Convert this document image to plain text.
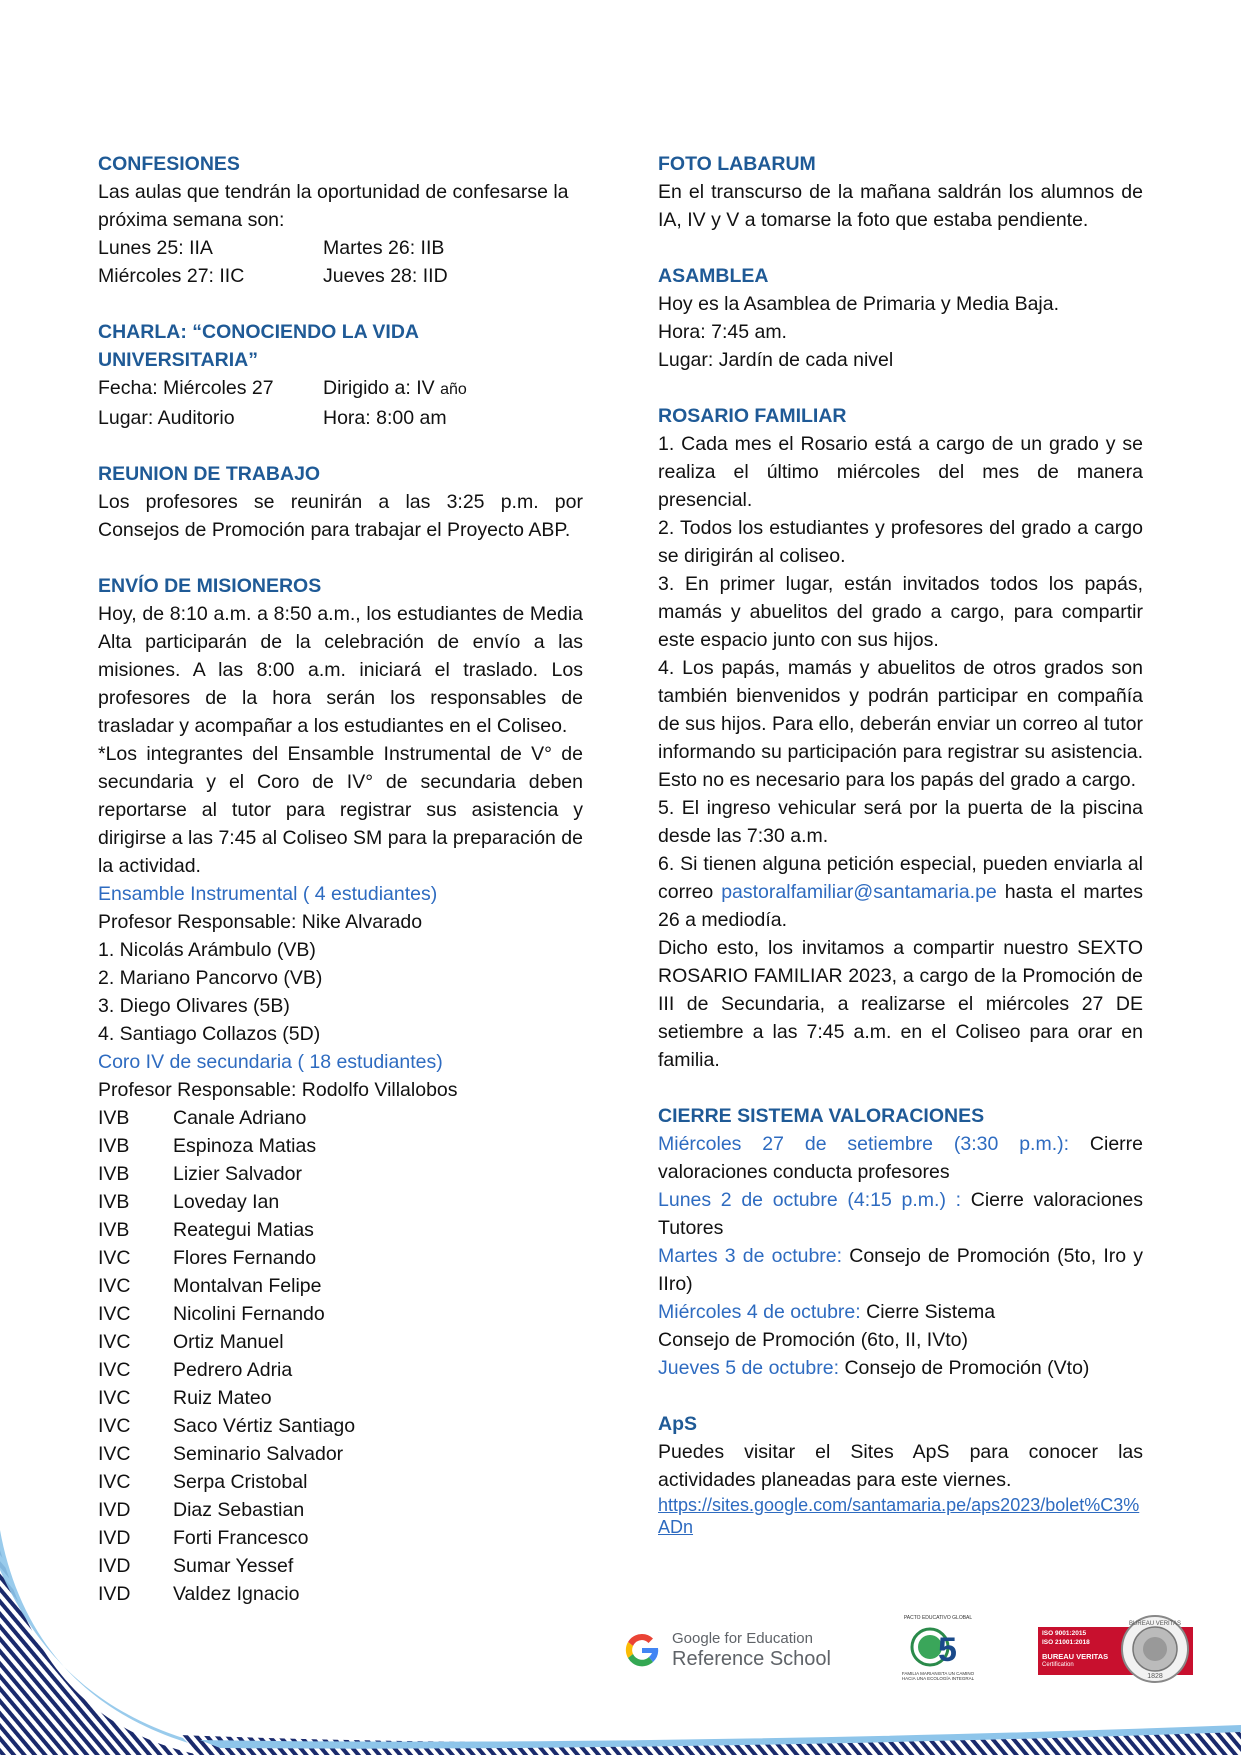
CONFESIONES
Las aulas que tendrán la oportunidad de confesarse la próxima semana son:
Lunes 25: IIA	Martes 26: IIB
Miércoles 27: IIC	Jueves 28: IID
CHARLA: “CONOCIENDO LA VIDA UNIVERSITARIA”
Fecha: Miércoles 27	Dirigido a: IV año
Lugar: Auditorio	Hora: 8:00 am
REUNION DE TRABAJO
Los profesores se reunirán a las 3:25 p.m. por Consejos de Promoción para trabajar el Proyecto ABP.
ENVÍO DE MISIONEROS
Hoy, de 8:10 a.m. a 8:50 a.m., los estudiantes de Media Alta participarán de la celebración de envío a las misiones. A las 8:00 a.m. iniciará el traslado. Los profesores de la hora serán los responsables de trasladar y acompañar a los estudiantes en el Coliseo.
*Los integrantes del Ensamble Instrumental de V° de secundaria y el Coro de IV° de secundaria deben reportarse al tutor para registrar sus asistencia y dirigirse a las 7:45 al Coliseo SM para la preparación de la actividad.
Ensamble Instrumental ( 4 estudiantes)
Profesor Responsable: Nike Alvarado
1. Nicolás Arámbulo (VB)
2. Mariano Pancorvo (VB)
3. Diego Olivares (5B)
4. Santiago Collazos (5D)
Coro IV de secundaria ( 18 estudiantes)
Profesor Responsable: Rodolfo Villalobos
IVB	Canale Adriano
IVB	Espinoza Matias
IVB	Lizier Salvador
IVB	Loveday Ian
IVB	Reategui Matias
IVC	Flores Fernando
IVC	Montalvan Felipe
IVC	Nicolini Fernando
IVC	Ortiz Manuel
IVC	Pedrero Adria
IVC	Ruiz Mateo
IVC	Saco Vértiz Santiago
IVC	Seminario Salvador
IVC	Serpa Cristobal
IVD	Diaz Sebastian
IVD	Forti Francesco
IVD	Sumar Yessef
IVD	Valdez Ignacio
FOTO LABARUM
En el transcurso de la mañana saldrán los alumnos de IA, IV y V a tomarse la foto que estaba pendiente.
ASAMBLEA
Hoy es la Asamblea de Primaria y Media Baja.
Hora: 7:45 am.
Lugar: Jardín de cada nivel
ROSARIO FAMILIAR
1. Cada mes el Rosario está a cargo de un grado y se realiza el último miércoles del mes de manera presencial.
2. Todos los estudiantes y profesores del grado a cargo se dirigirán al coliseo.
3. En primer lugar, están invitados todos los papás, mamás y abuelitos del grado a cargo, para compartir este espacio junto con sus hijos.
4. Los papás, mamás y abuelitos de otros grados son también bienvenidos y podrán participar en compañía de sus hijos. Para ello, deberán enviar un correo al tutor informando su participación para registrar su asistencia. Esto no es necesario para los papás del grado a cargo.
5. El ingreso vehicular será por la puerta de la piscina desde las 7:30 a.m.
6. Si tienen alguna petición especial, pueden enviarla al correo pastoralfamiliar@santamaria.pe hasta el martes 26 a mediodía.
Dicho esto, los invitamos a compartir nuestro SEXTO ROSARIO FAMILIAR 2023, a cargo de la Promoción de III de Secundaria, a realizarse el miércoles 27 DE setiembre a las 7:45 a.m. en el Coliseo para orar en familia.
CIERRE SISTEMA VALORACIONES
Miércoles 27 de setiembre (3:30 p.m.): Cierre valoraciones conducta profesores
Lunes 2 de octubre (4:15 p.m.) : Cierre valoraciones Tutores
Martes 3 de octubre: Consejo de Promoción (5to, Iro y IIro)
Miércoles 4 de octubre: Cierre Sistema
Consejo de Promoción (6to, II, IVto)
Jueves 5 de octubre: Consejo de Promoción (Vto)
ApS
Puedes visitar el Sites ApS para conocer las actividades planeadas para este viernes.
https://sites.google.com/santamaria.pe/aps2023/bolet%C3%ADn
Google for Education
Reference School
PACTO EDUCATIVO GLOBAL
5
FAMILIA MARIANISTA UN CAMINO
HACIA UNA ECOLOGÍA INTEGRAL
ISO 9001:2015
ISO 21001:2018
BUREAU VERITAS
Certification
1828
BUREAU VERITAS
